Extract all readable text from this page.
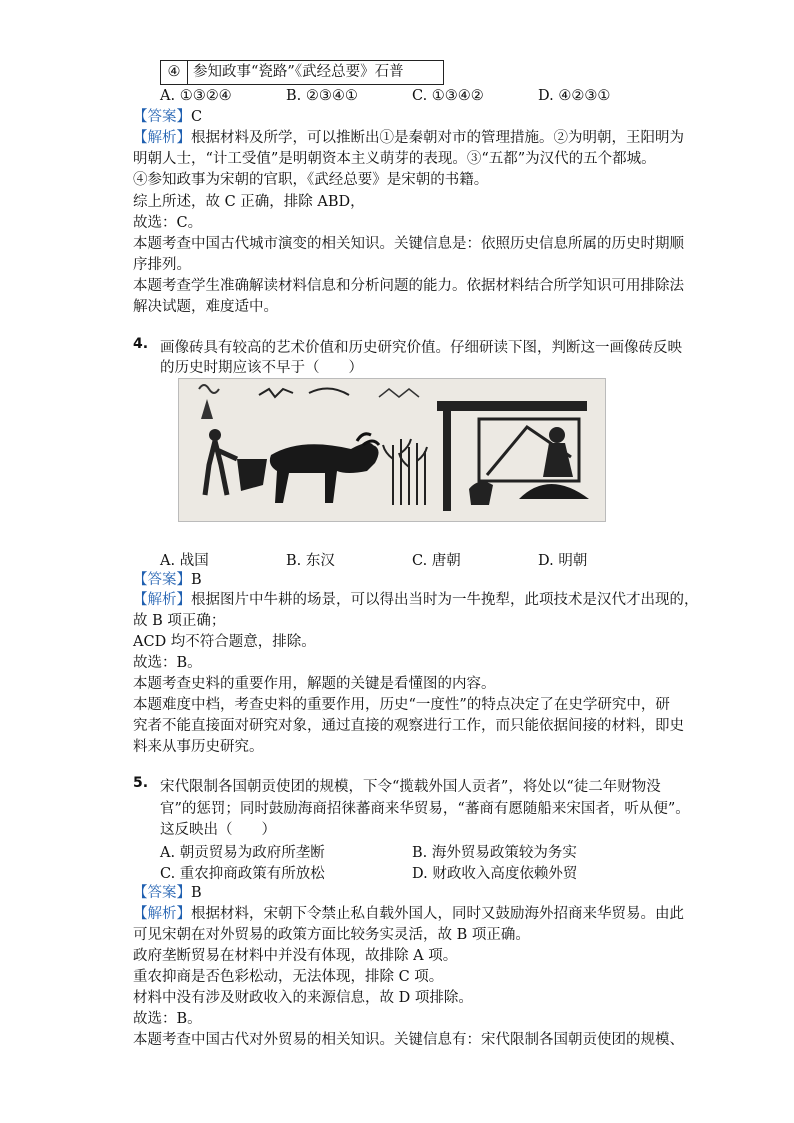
④ 参知政事“瓷路”《武经总要》石普
A. ①③②④	B. ②③④①	C. ①③④②	D. ④②③①
【答案】C
【解析】根据材料及所学，可以推断出①是秦朝对市的管理措施。②为明朝，王阳明为
明朝人士，“计工受值”是明朝资本主义萌芽的表现。③“五都”为汉代的五个都城。
④参知政事为宋朝的官职，《武经总要》是宋朝的书籍。
综上所述，故 C 正确，排除 ABD，
故选：C。
本题考查中国古代城市演变的相关知识。关键信息是：依照历史信息所属的历史时期顺
序排列。
本题考查学生准确解读材料信息和分析问题的能力。依据材料结合所学知识可用排除法
解决试题，难度适中。
4. 画像砖具有较高的艺术价值和历史研究价值。仔细研读下图，判断这一画像砖反映
的历史时期应该不早于（　　）
A. 战国	B. 东汉	C. 唐朝	D. 明朝
【答案】B
【解析】根据图片中牛耕的场景，可以得出当时为一牛挽犁，此项技术是汉代才出现的，
故 B 项正确；
ACD 均不符合题意，排除。
故选：B。
本题考查史料的重要作用，解题的关键是看懂图的内容。
本题难度中档，考查史料的重要作用，历史“一度性”的特点决定了在史学研究中，研
究者不能直接面对研究对象，通过直接的观察进行工作，而只能依据间接的材料，即史
料来从事历史研究。
5. 宋代限制各国朝贡使团的规模，下令“揽载外国人贡者”，将处以“徒二年财物没
官”的惩罚；同时鼓励海商招徕蕃商来华贸易，“蕃商有愿随船来宋国者，听从便”。
这反映出（　　）
A. 朝贡贸易为政府所垄断	B. 海外贸易政策较为务实
C. 重农抑商政策有所放松	D. 财政收入高度依赖外贸
【答案】B
【解析】根据材料，宋朝下令禁止私自载外国人，同时又鼓励海外招商来华贸易。由此
可见宋朝在对外贸易的政策方面比较务实灵活，故 B 项正确。
政府垄断贸易在材料中并没有体现，故排除 A 项。
重农抑商是否色彩松动，无法体现，排除 C 项。
材料中没有涉及财政收入的来源信息，故 D 项排除。
故选：B。
本题考查中国古代对外贸易的相关知识。关键信息有：宋代限制各国朝贡使团的规模、
